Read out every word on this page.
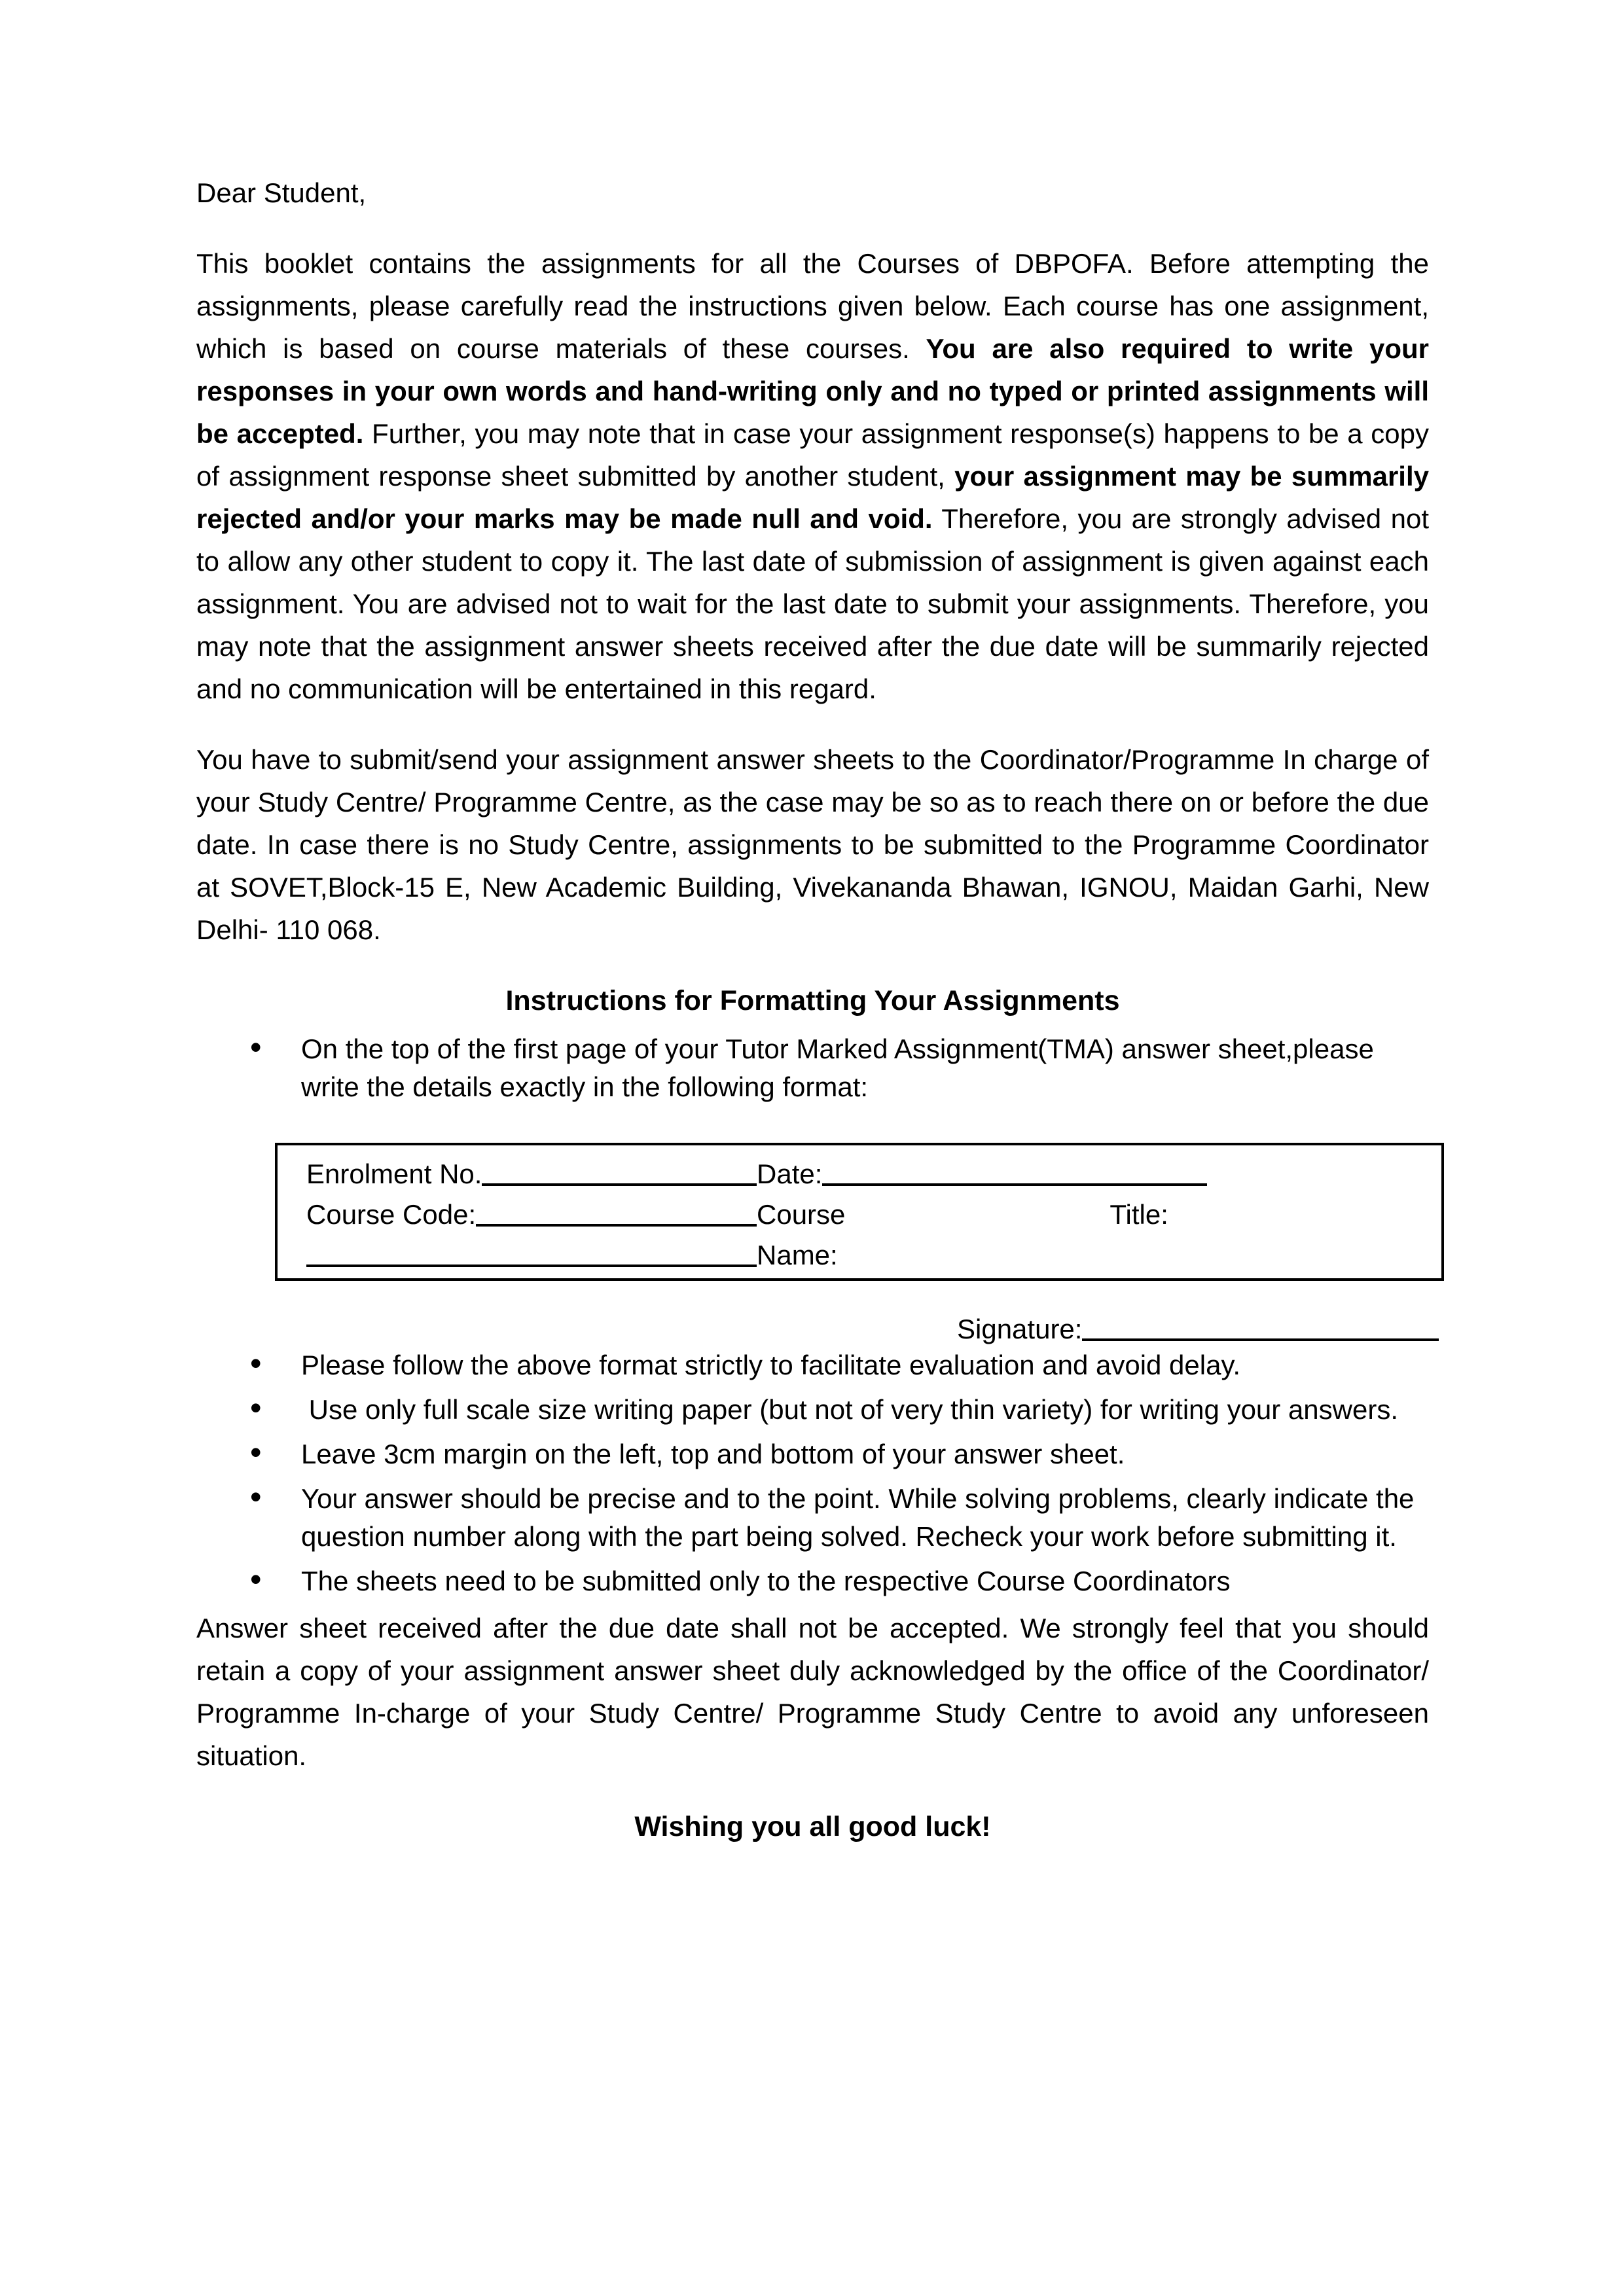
Dear Student,

This booklet contains the assignments for all the Courses of DBPOFA. Before attempting the assignments, please carefully read the instructions given below. Each course has one assignment, which is based on course materials of these courses. You are also required to write your responses in your own words and hand-writing only and no typed or printed assignments will be accepted. Further, you may note that in case your assignment response(s) happens to be a copy of assignment response sheet submitted by another student, your assignment may be summarily rejected and/or your marks may be made null and void. Therefore, you are strongly advised not to allow any other student to copy it. The last date of submission of assignment is given against each assignment. You are advised not to wait for the last date to submit your assignments. Therefore, you may note that the assignment answer sheets received after the due date will be summarily rejected and no communication will be entertained in this regard.

You have to submit/send your assignment answer sheets to the Coordinator/Programme In charge of your Study Centre/ Programme Centre, as the case may be so as to reach there on or before the due date. In case there is no Study Centre, assignments to be submitted to the Programme Coordinator at SOVET,Block-15 E, New Academic Building, Vivekananda Bhawan, IGNOU, Maidan Garhi, New Delhi- 110 068.

Instructions for Formatting Your Assignments
• On the top of the first page of your Tutor Marked Assignment(TMA) answer sheet,please write the details exactly in the following format:
Enrolment No.	Date:
Course Code:	Course	Title:
Name:
Signature:
• Please follow the above format strictly to facilitate evaluation and avoid delay.
•  Use only full scale size writing paper (but not of very thin variety) for writing your answers.
• Leave 3cm margin on the left, top and bottom of your answer sheet.
• Your answer should be precise and to the point. While solving problems, clearly indicate the question number along with the part being solved. Recheck your work before submitting it.
• The sheets need to be submitted only to the respective Course Coordinators

Answer sheet received after the due date shall not be accepted. We strongly feel that you should retain a copy of your assignment answer sheet duly acknowledged by the office of the Coordinator/ Programme In-charge of your Study Centre/ Programme Study Centre to avoid any unforeseen situation.

Wishing you all good luck!
